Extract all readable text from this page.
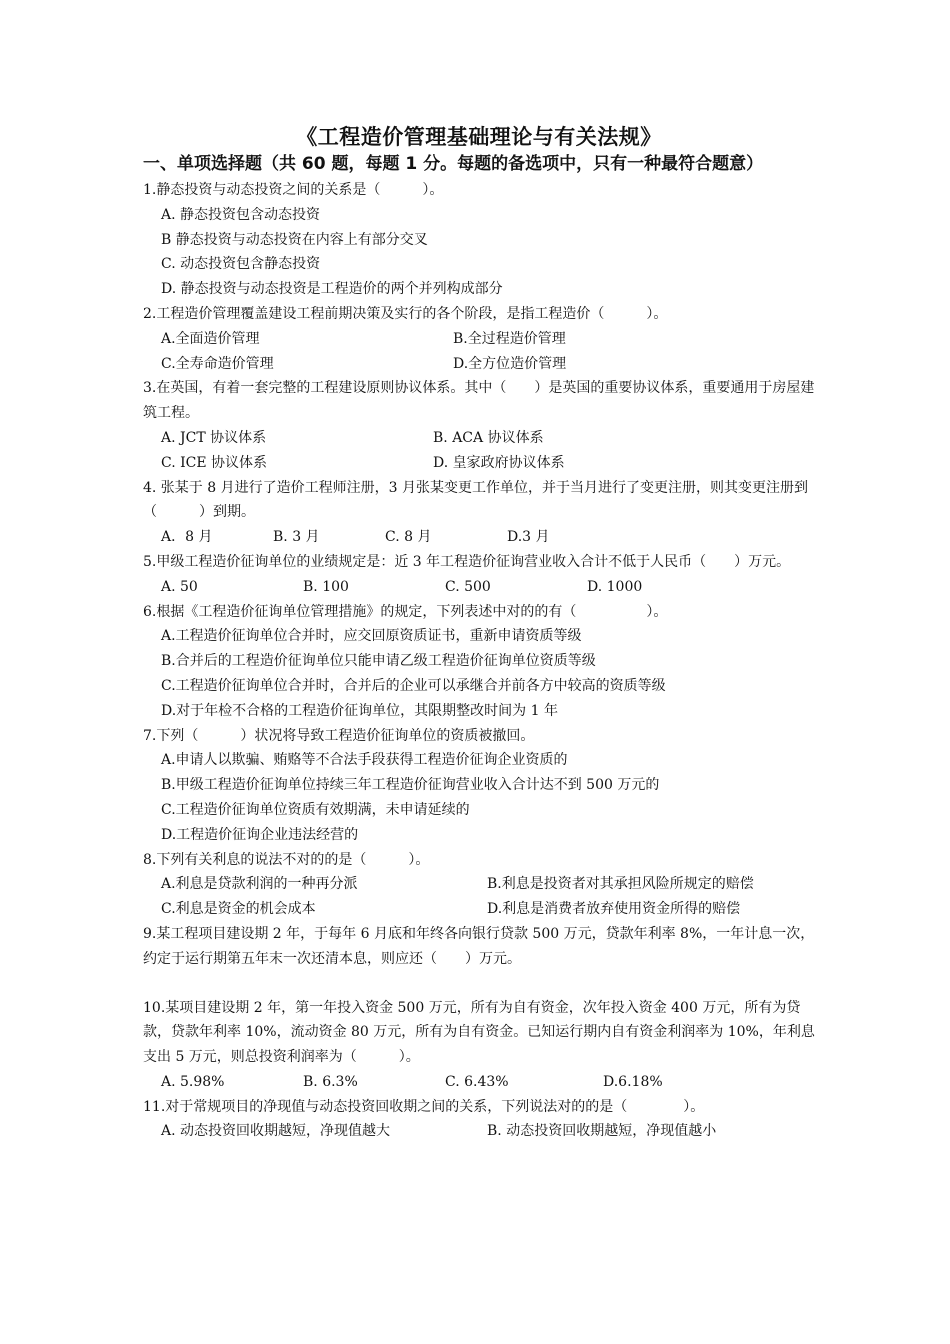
《工程造价管理基础理论与有关法规》
一、单项选择题（共 60 题，每题 1 分。每题的备选项中，只有一种最符合题意）
1.静态投资与动态投资之间的关系是（　　　）。
A. 静态投资包含动态投资
B 静态投资与动态投资在内容上有部分交叉
C. 动态投资包含静态投资
D. 静态投资与动态投资是工程造价的两个并列构成部分
2.工程造价管理覆盖建设工程前期决策及实行的各个阶段，是指工程造价（　　　）。
A.全面造价管理	B.全过程造价管理
C.全寿命造价管理	D.全方位造价管理
3.在英国，有着一套完整的工程建设原则协议体系。其中（　　）是英国的重要协议体系，重要通用于房屋建筑工程。
A. JCT 协议体系	B. ACA 协议体系
C. ICE 协议体系	D. 皇家政府协议体系
4. 张某于 8 月进行了造价工程师注册，3 月张某变更工作单位，并于当月进行了变更注册，则其变更注册到（　　　）到期。
A．8 月	B. 3 月	C. 8 月	D.3 月
5.甲级工程造价征询单位的业绩规定是：近 3 年工程造价征询营业收入合计不低于人民币（　　）万元。
A. 50	B. 100	C. 500	D. 1000
6.根据《工程造价征询单位管理措施》的规定，下列表述中对的的有（　　　　　）。
A.工程造价征询单位合并时，应交回原资质证书，重新申请资质等级
B.合并后的工程造价征询单位只能申请乙级工程造价征询单位资质等级
C.工程造价征询单位合并时，合并后的企业可以承继合并前各方中较高的资质等级
D.对于年检不合格的工程造价征询单位，其限期整改时间为 1 年
7.下列（　　　）状况将导致工程造价征询单位的资质被撤回。
A.申请人以欺骗、贿赂等不合法手段获得工程造价征询企业资质的
B.甲级工程造价征询单位持续三年工程造价征询营业收入合计达不到 500 万元的
C.工程造价征询单位资质有效期满，未申请延续的
D.工程造价征询企业违法经营的
8.下列有关利息的说法不对的的是（　　　）。
A.利息是贷款利润的一种再分派	B.利息是投资者对其承担风险所规定的赔偿
C.利息是资金的机会成本	D.利息是消费者放弃使用资金所得的赔偿
9.某工程项目建设期 2 年，于每年 6 月底和年终各向银行贷款 500 万元，贷款年利率 8%，一年计息一次，约定于运行期第五年末一次还清本息，则应还（　　）万元。
10.某项目建设期 2 年，第一年投入资金 500 万元，所有为自有资金，次年投入资金 400 万元，所有为贷款，贷款年利率 10%，流动资金 80 万元，所有为自有资金。已知运行期内自有资金利润率为 10%，年利息支出 5 万元，则总投资利润率为（　　　）。
A. 5.98%	B. 6.3%	C. 6.43%	D.6.18%
11.对于常规项目的净现值与动态投资回收期之间的关系，下列说法对的的是（　　　　）。
A. 动态投资回收期越短，净现值越大	B. 动态投资回收期越短，净现值越小
